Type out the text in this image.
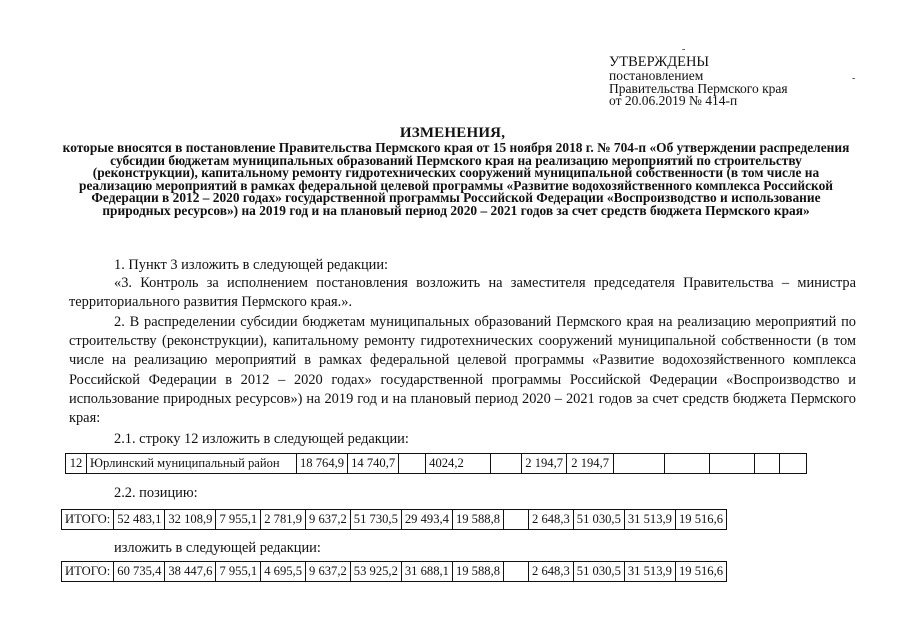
УТВЕРЖДЕНЫ
постановлением
Правительства Пермского края
от 20.06.2019 № 414-п
-
-
ИЗМЕНЕНИЯ,
которые вносятся в постановление Правительства Пермского края от 15 ноября 2018 г. № 704-п «Об утверждении распределения субсидии бюджетам муниципальных образований Пермского края на реализацию мероприятий по строительству (реконструкции), капитальному ремонту гидротехнических сооружений муниципальной собственности (в том числе на реализацию мероприятий в рамках федеральной целевой программы «Развитие водохозяйственного комплекса Российской Федерации в 2012 – 2020 годах» государственной программы Российской Федерации «Воспроизводство и использование природных ресурсов») на 2019 год и на плановый период 2020 – 2021 годов за счет средств бюджета Пермского края»

1. Пункт 3 изложить в следующей редакции:

«3. Контроль за исполнением постановления возложить на заместителя председателя Правительства – министра территориального развития Пермского края.».

2. В распределении субсидии бюджетам муниципальных образований Пермского края на реализацию мероприятий по строительству (реконструкции), капитальному ремонту гидротехнических сооружений муниципальной собственности (в том числе на реализацию мероприятий в рамках федеральной целевой программы «Развитие водохозяйственного комплекса Российской Федерации в 2012 – 2020 годах» государственной программы Российской Федерации «Воспроизводство и использование природных ресурсов») на 2019 год и на плановый период 2020 – 2021 годов за счет средств бюджета Пермского края:

2.1. строку 12 изложить в следующей редакции:

12	Юрлинский муниципальный район	18 764,9	14 740,7		4024,2		2 194,7	2 194,7					

2.2. позицию:

ИТОГО:	52 483,1	32 108,9	7 955,1	2 781,9	9 637,2	51 730,5	29 493,4	19 588,8		2 648,3	51 030,5	31 513,9	19 516,6

изложить в следующей редакции:

ИТОГО:	60 735,4	38 447,6	7 955,1	4 695,5	9 637,2	53 925,2	31 688,1	19 588,8		2 648,3	51 030,5	31 513,9	19 516,6
